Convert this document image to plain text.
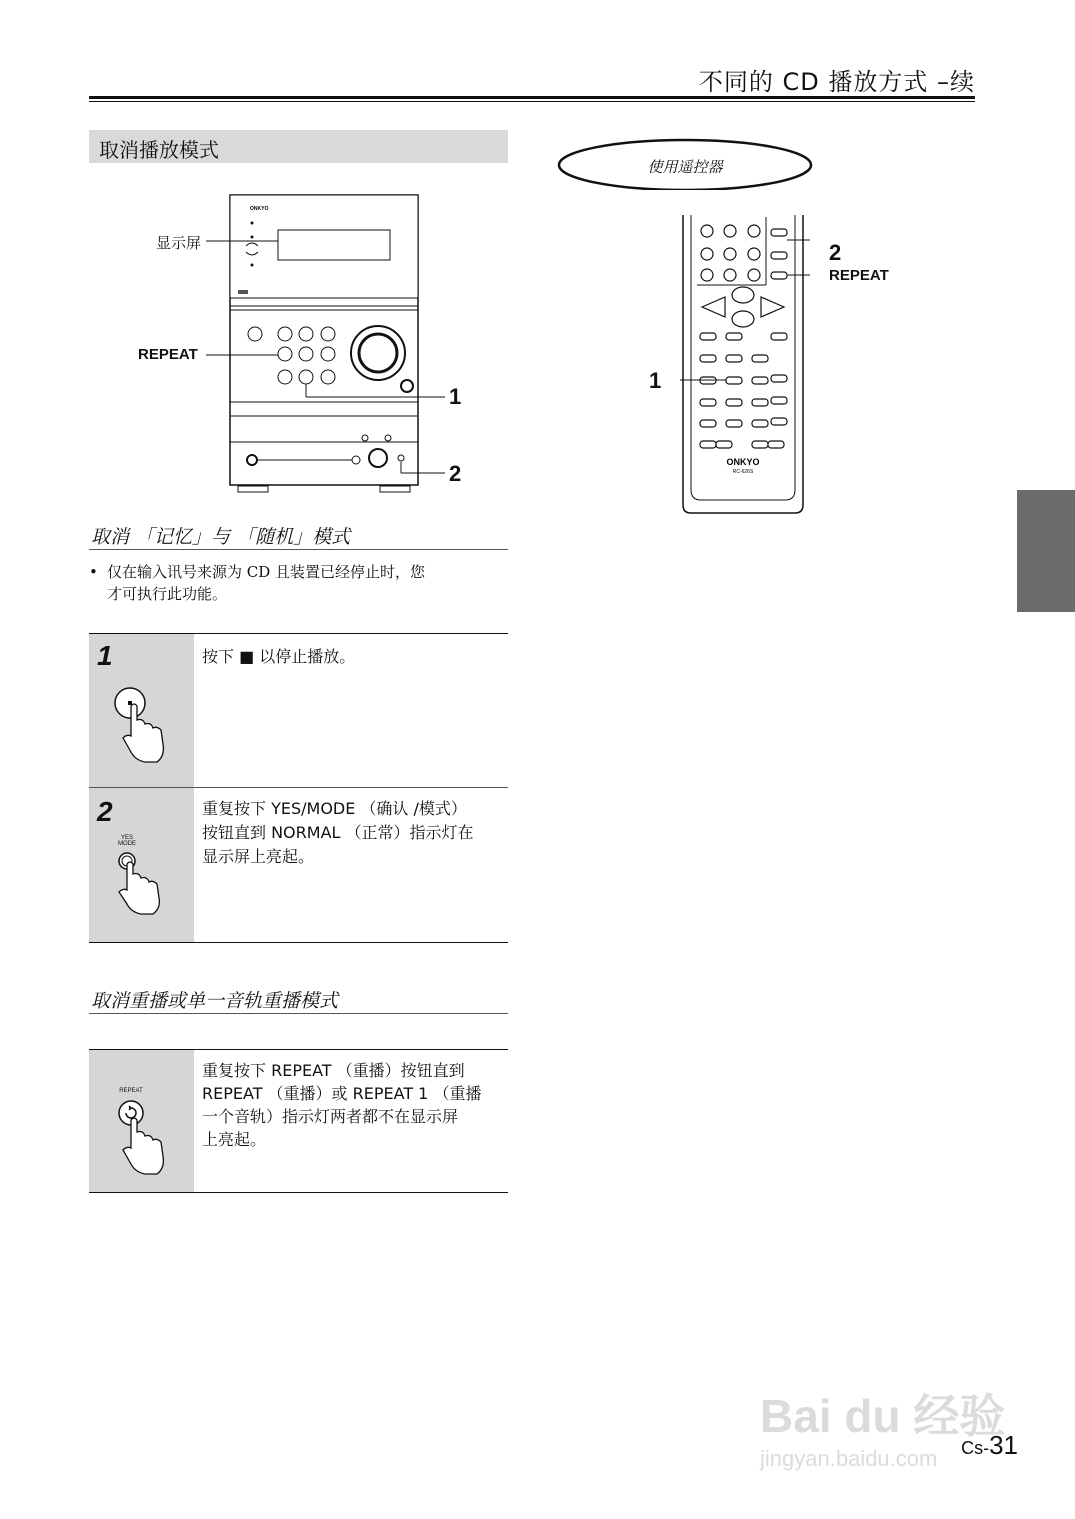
不同的 CD 播放方式 –续
取消播放模式
ONKYO
显示屏
REPEAT
1
2
使用遥控器
ONKYO
RC-626S
2
REPEAT
1
取消 「记忆」与 「随机」模式
• 仅在输入讯号来源为 CD 且装置已经停止时，您
才可执行此功能。
1	按下 ■ 以停止播放。
2
YES
MODE
重复按下 YES/MODE （确认 /模式）
按钮直到 NORMAL （正常）指示灯在
显示屏上亮起。
取消重播或单一音轨重播模式
REPEAT
重复按下 REPEAT （重播）按钮直到
REPEAT （重播）或 REPEAT 1 （重播
一个音轨）指示灯两者都不在显示屏
上亮起。
Bai du 经验
jingyan.baidu.com	Cs-31
